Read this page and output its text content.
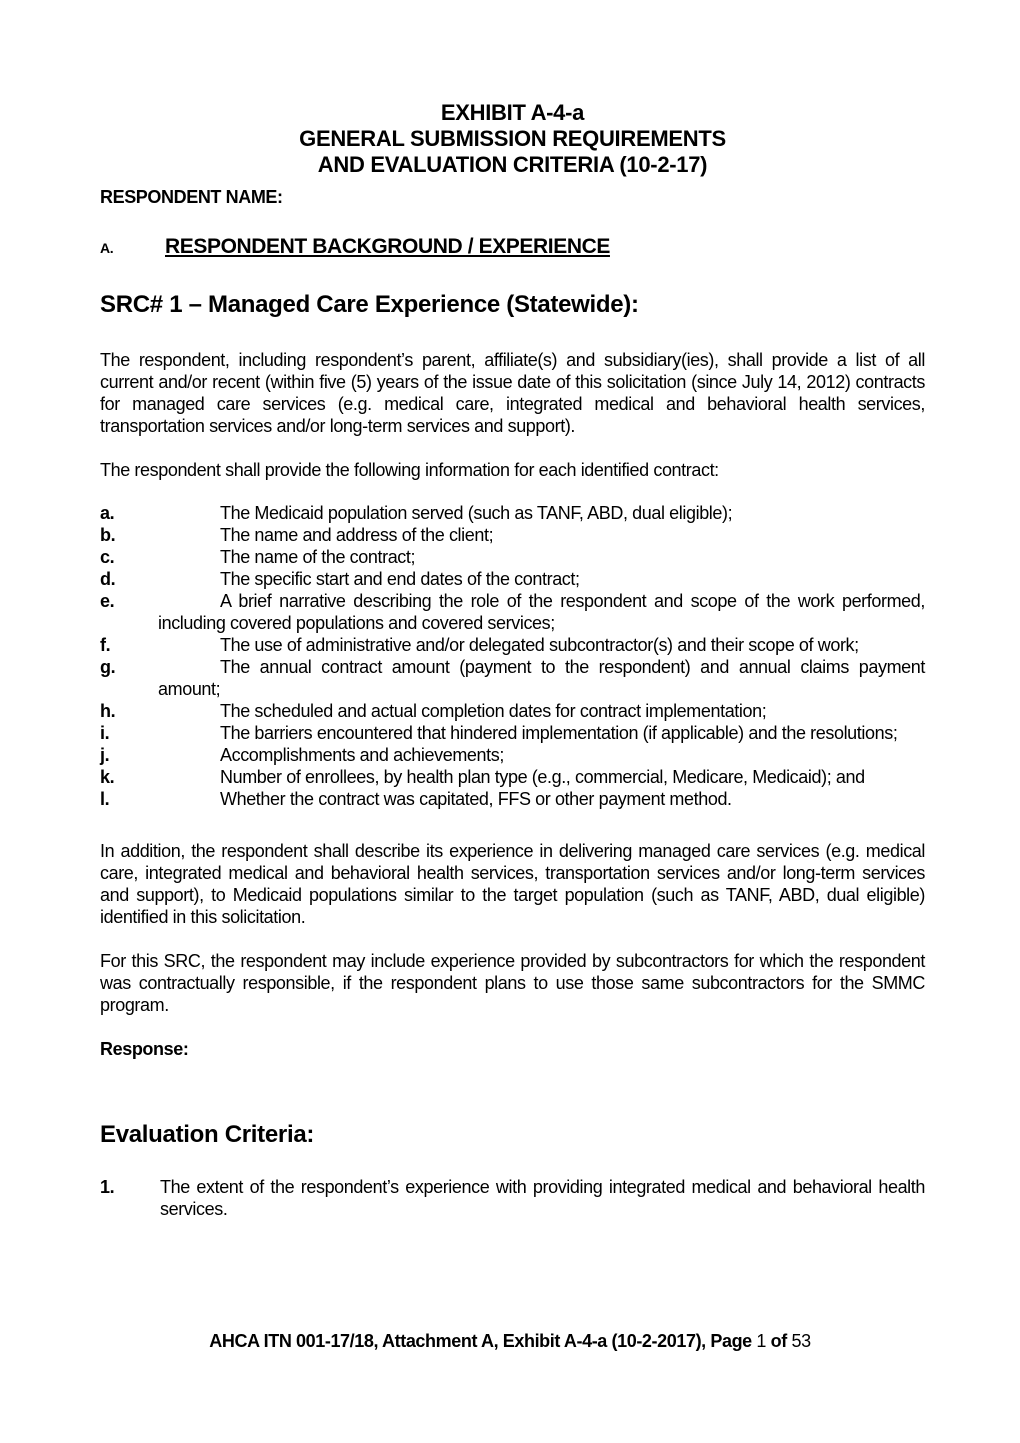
EXHIBIT A-4-a
GENERAL SUBMISSION REQUIREMENTS
AND EVALUATION CRITERIA (10-2-17)
RESPONDENT NAME:
A.	RESPONDENT BACKGROUND / EXPERIENCE
SRC# 1 – Managed Care Experience (Statewide):

The respondent, including respondent’s parent, affiliate(s) and subsidiary(ies), shall provide a list of all current and/or recent (within five (5) years of the issue date of this solicitation (since July 14, 2012) contracts for managed care services (e.g. medical care, integrated medical and behavioral health services, transportation services and/or long-term services and support).

The respondent shall provide the following information for each identified contract:

a.	The Medicaid population served (such as TANF, ABD, dual eligible);
b.	The name and address of the client;
c.	The name of the contract;
d.	The specific start and end dates of the contract;
e.	A brief narrative describing the role of the respondent and scope of the work performed, including covered populations and covered services;
f.	The use of administrative and/or delegated subcontractor(s) and their scope of work;
g.	The annual contract amount (payment to the respondent) and annual claims payment amount;
h.	The scheduled and actual completion dates for contract implementation;
i.	The barriers encountered that hindered implementation (if applicable) and the resolutions;
j.	Accomplishments and achievements;
k.	Number of enrollees, by health plan type (e.g., commercial, Medicare, Medicaid); and
l.	Whether the contract was capitated, FFS or other payment method.

In addition, the respondent shall describe its experience in delivering managed care services (e.g. medical care, integrated medical and behavioral health services, transportation services and/or long-term services and support), to Medicaid populations similar to the target population (such as TANF, ABD, dual eligible) identified in this solicitation.

For this SRC, the respondent may include experience provided by subcontractors for which the respondent was contractually responsible, if the respondent plans to use those same subcontractors for the SMMC program.

Response:
Evaluation Criteria:
1.	The extent of the respondent’s experience with providing integrated medical and behavioral health services.
AHCA ITN 001-17/18, Attachment A, Exhibit A-4-a (10-2-2017), Page 1 of 53
